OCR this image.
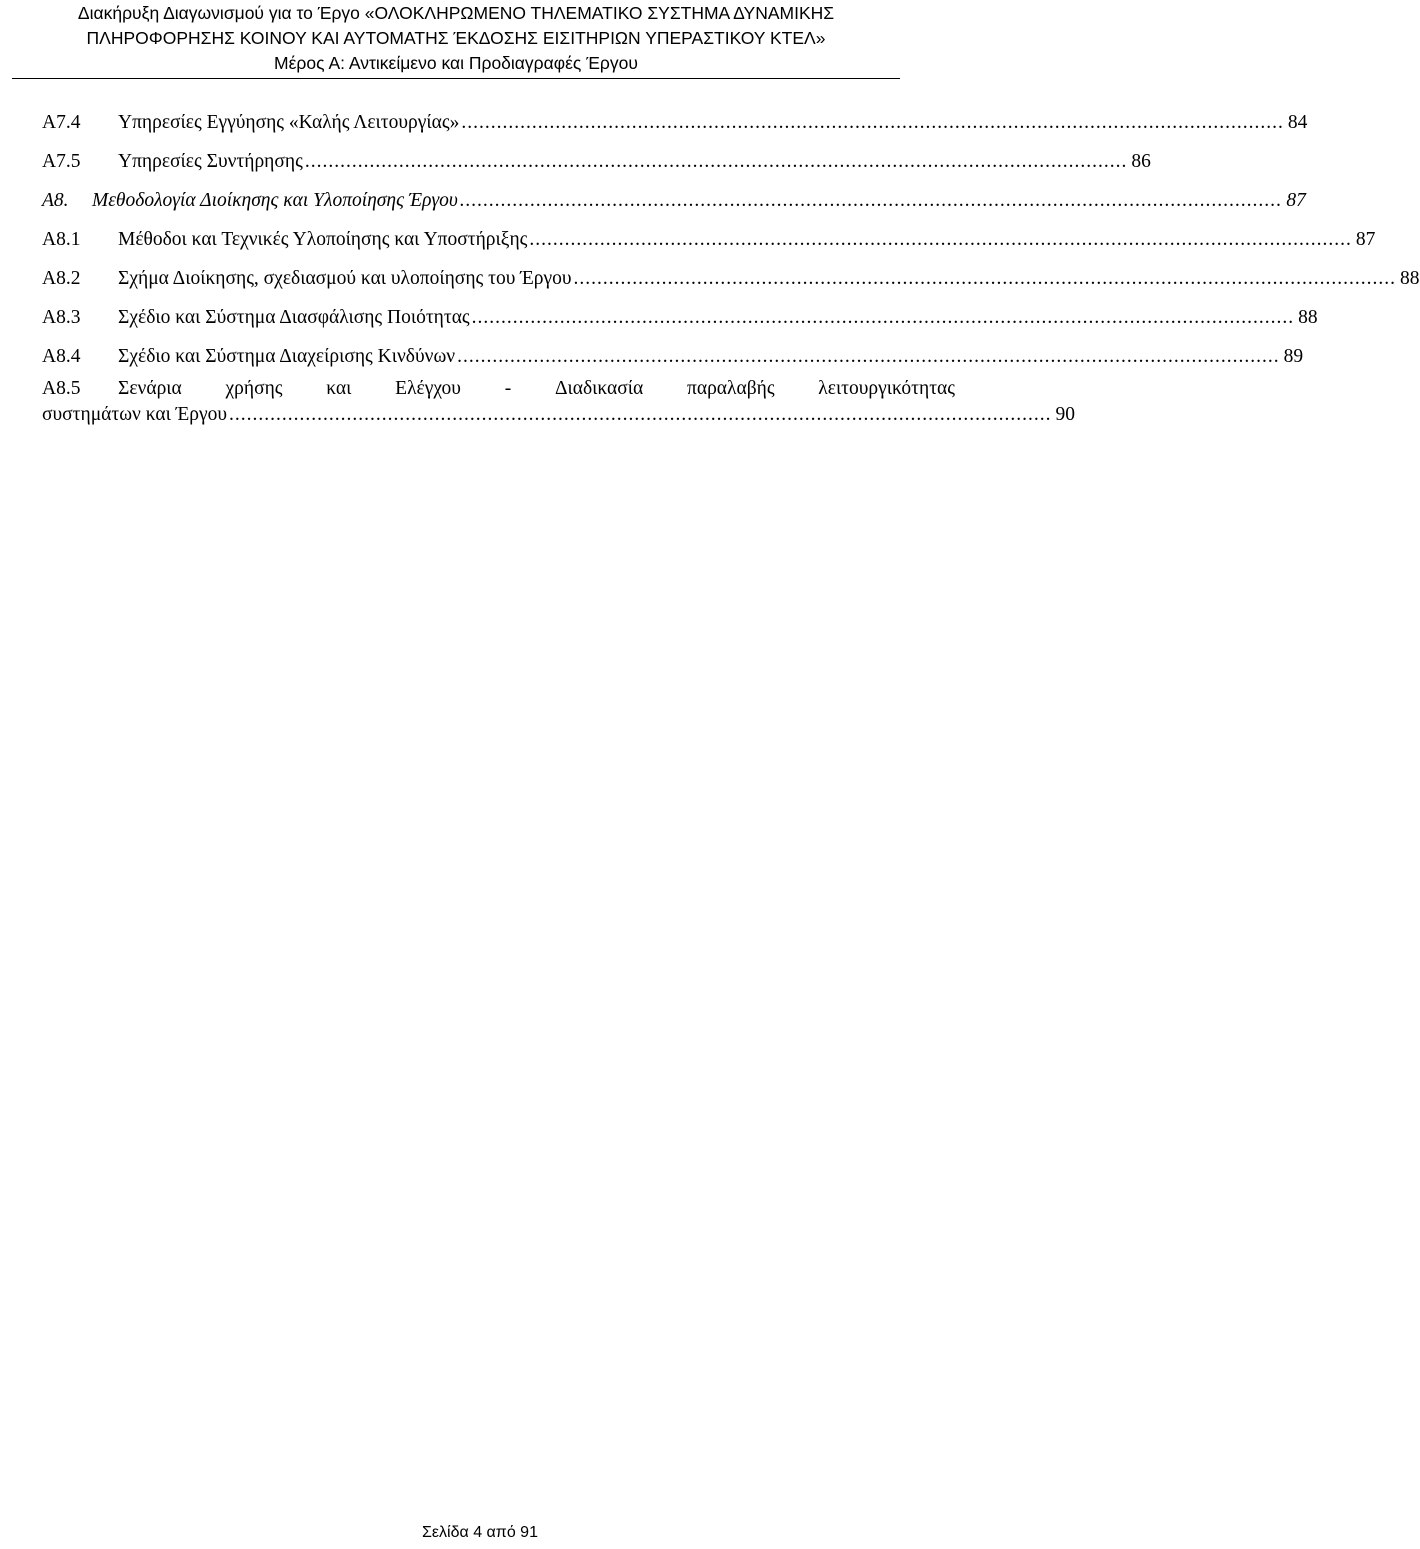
Διακήρυξη Διαγωνισμού για το Έργο «ΟΛΟΚΛΗΡΩΜΕΝΟ ΤΗΛΕΜΑΤΙΚΟ ΣΥΣΤΗΜΑ ΔΥΝΑΜΙΚΗΣ
ΠΛΗΡΟΦΟΡΗΣΗΣ ΚΟΙΝΟΥ ΚΑΙ ΑΥΤΟΜΑΤΗΣ ΈΚΔΟΣΗΣ ΕΙΣΙΤΗΡΙΩΝ ΥΠΕΡΑΣΤΙΚΟΥ ΚΤΕΛ»
Μέρος Α: Αντικείμενο και Προδιαγραφές Έργου
Α7.4	Υπηρεσίες Εγγύησης «Καλής Λειτουργίας» ............................................................................................................................................ 84
Α7.5	Υπηρεσίες Συντήρησης ............................................................................................................................................ 86
Α8.	Μεθοδολογία Διοίκησης και Υλοποίησης Έργου ............................................................................................................................................ 87
Α8.1	Μέθοδοι και Τεχνικές Υλοποίησης και Υποστήριξης ............................................................................................................................................ 87
Α8.2	Σχήμα Διοίκησης, σχεδιασμού και υλοποίησης του Έργου ............................................................................................................................................ 88
Α8.3	Σχέδιο και Σύστημα Διασφάλισης Ποιότητας ............................................................................................................................................ 88
Α8.4	Σχέδιο και Σύστημα Διαχείρισης Κινδύνων ............................................................................................................................................ 89
Α8.5	Σενάρια χρήσης και Ελέγχου - Διαδικασία παραλαβής λειτουργικότητας
συστημάτων και Έργου ............................................................................................................................................ 90
Σελίδα 4 από 91
